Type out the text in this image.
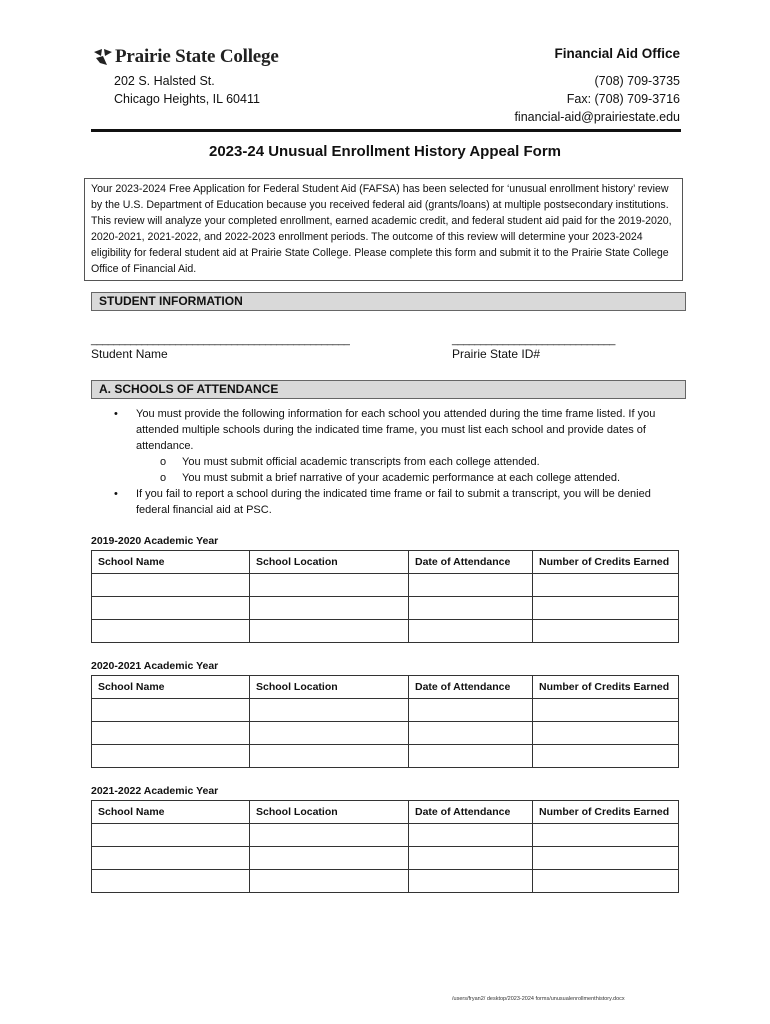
Prairie State College
202 S. Halsted St.
Chicago Heights, IL 60411
Financial Aid Office
(708) 709-3735
Fax: (708) 709-3716
financial-aid@prairiestate.edu
2023-24 Unusual Enrollment History Appeal Form

Your 2023-2024 Free Application for Federal Student Aid (FAFSA) has been selected for ‘unusual enrollment history’ review by the U.S. Department of Education because you received federal aid (grants/loans) at multiple postsecondary institutions. This review will analyze your completed enrollment, earned academic credit, and federal student aid paid for the 2019-2020, 2020-2021, 2021-2022, and 2022-2023 enrollment periods. The outcome of this review will determine your 2023-2024 eligibility for federal student aid at Prairie State College. Please complete this form and submit it to the Prairie State College Office of Financial Aid.

STUDENT INFORMATION
______________________________________________
Student Name
_____________________________
Prairie State ID#
A. SCHOOLS OF ATTENDANCE
• You must provide the following information for each school you attended during the time frame listed. If you attended multiple schools during the indicated time frame, you must list each school and provide dates of attendance.
o You must submit official academic transcripts from each college attended.
o You must submit a brief narrative of your academic performance at each college attended.
• If you fail to report a school during the indicated time frame or fail to submit a transcript, you will be denied federal financial aid at PSC.
2019-2020 Academic Year
School Name	School Location	Date of Attendance	Number of Credits Earned

2020-2021 Academic Year
School Name	School Location	Date of Attendance	Number of Credits Earned

2021-2022 Academic Year
School Name	School Location	Date of Attendance	Number of Credits Earned

/users/fryan2/ desktop/2023-2024 forms/unusualenrollmenthistory.docx
